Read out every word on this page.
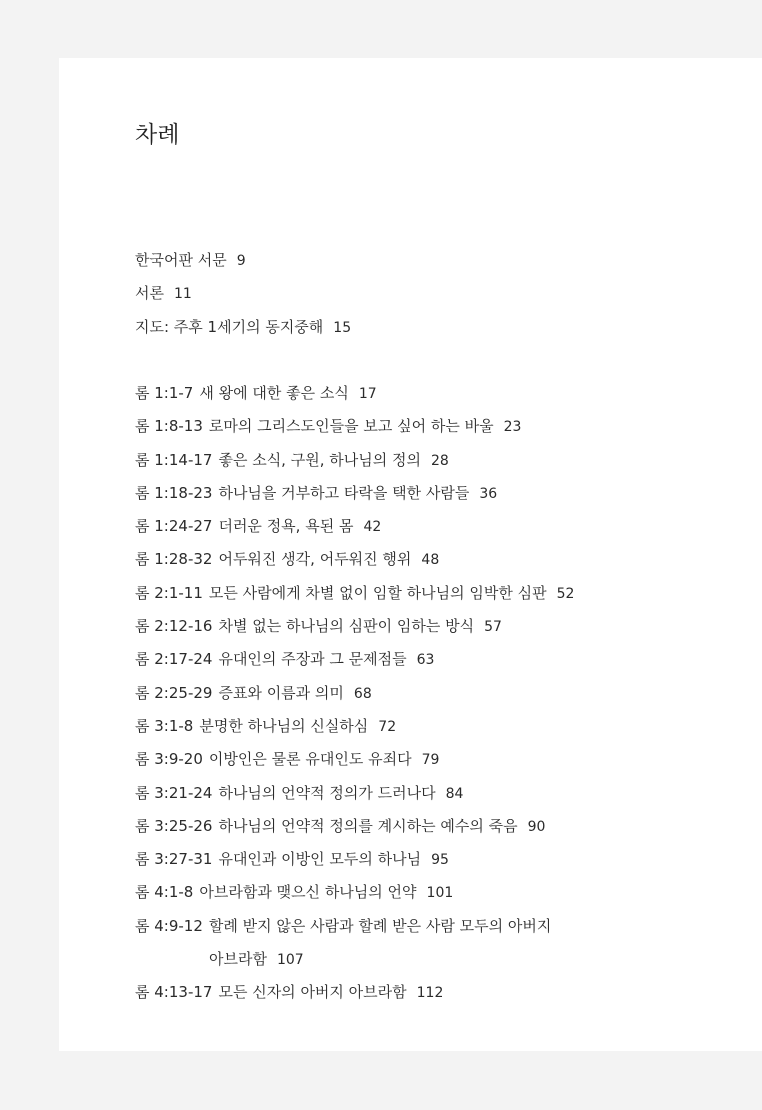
차례
한국어판 서문 9
서론 11
지도: 주후 1세기의 동지중해 15
롬 1:1-7 새 왕에 대한 좋은 소식 17
롬 1:8-13 로마의 그리스도인들을 보고 싶어 하는 바울 23
롬 1:14-17 좋은 소식, 구원, 하나님의 정의 28
롬 1:18-23 하나님을 거부하고 타락을 택한 사람들 36
롬 1:24-27 더러운 정욕, 욕된 몸 42
롬 1:28-32 어두워진 생각, 어두워진 행위 48
롬 2:1-11 모든 사람에게 차별 없이 임할 하나님의 임박한 심판 52
롬 2:12-16 차별 없는 하나님의 심판이 임하는 방식 57
롬 2:17-24 유대인의 주장과 그 문제점들 63
롬 2:25-29 증표와 이름과 의미 68
롬 3:1-8 분명한 하나님의 신실하심 72
롬 3:9-20 이방인은 물론 유대인도 유죄다 79
롬 3:21-24 하나님의 언약적 정의가 드러나다 84
롬 3:25-26 하나님의 언약적 정의를 계시하는 예수의 죽음 90
롬 3:27-31 유대인과 이방인 모두의 하나님 95
롬 4:1-8 아브라함과 맺으신 하나님의 언약 101
롬 4:9-12 할례 받지 않은 사람과 할례 받은 사람 모두의 아버지
아브라함 107
롬 4:13-17 모든 신자의 아버지 아브라함 112
